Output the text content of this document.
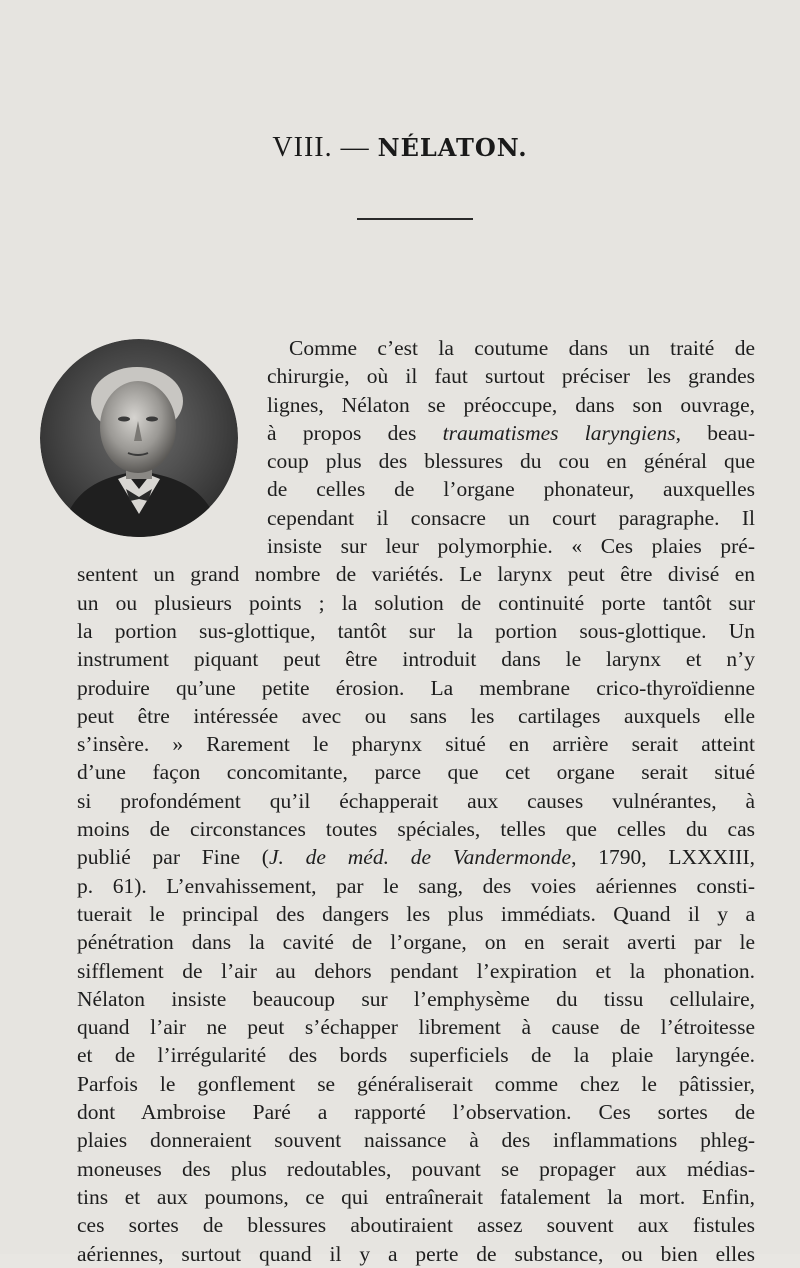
VIII. — NÉLATON.
Comme c’est la coutume dans un traité de
chirurgie, où il faut surtout préciser les grandes
lignes, Nélaton se préoccupe, dans son ouvrage,
à propos des traumatismes laryngiens, beau-
coup plus des blessures du cou en général que
de celles de l’organe phonateur, auxquelles
cependant il consacre un court paragraphe. Il
insiste sur leur polymorphie. « Ces plaies pré-
sentent un grand nombre de variétés. Le larynx peut être divisé en
un ou plusieurs points ; la solution de continuité porte tantôt sur
la portion sus-glottique, tantôt sur la portion sous-glottique. Un
instrument piquant peut être introduit dans le larynx et n’y
produire qu’une petite érosion. La membrane crico-thyroïdienne
peut être intéressée avec ou sans les cartilages auxquels elle
s’insère. » Rarement le pharynx situé en arrière serait atteint
d’une façon concomitante, parce que cet organe serait situé
si profondément qu’il échapperait aux causes vulnérantes, à
moins de circonstances toutes spéciales, telles que celles du cas
publié par Fine (J. de méd. de Vandermonde, 1790, LXXXIII,
p. 61). L’envahissement, par le sang, des voies aériennes consti-
tuerait le principal des dangers les plus immédiats. Quand il y a
pénétration dans la cavité de l’organe, on en serait averti par le
sifflement de l’air au dehors pendant l’expiration et la phonation.
Nélaton insiste beaucoup sur l’emphysème du tissu cellulaire,
quand l’air ne peut s’échapper librement à cause de l’étroitesse
et de l’irrégularité des bords superficiels de la plaie laryngée.
Parfois le gonflement se généraliserait comme chez le pâtissier,
dont Ambroise Paré a rapporté l’observation. Ces sortes de
plaies donneraient souvent naissance à des inflammations phleg-
moneuses des plus redoutables, pouvant se propager aux médias-
tins et aux poumons, ce qui entraînerait fatalement la mort. Enfin,
ces sortes de blessures aboutiraient assez souvent aux fistules
aériennes, surtout quand il y a perte de substance, ou bien elles
